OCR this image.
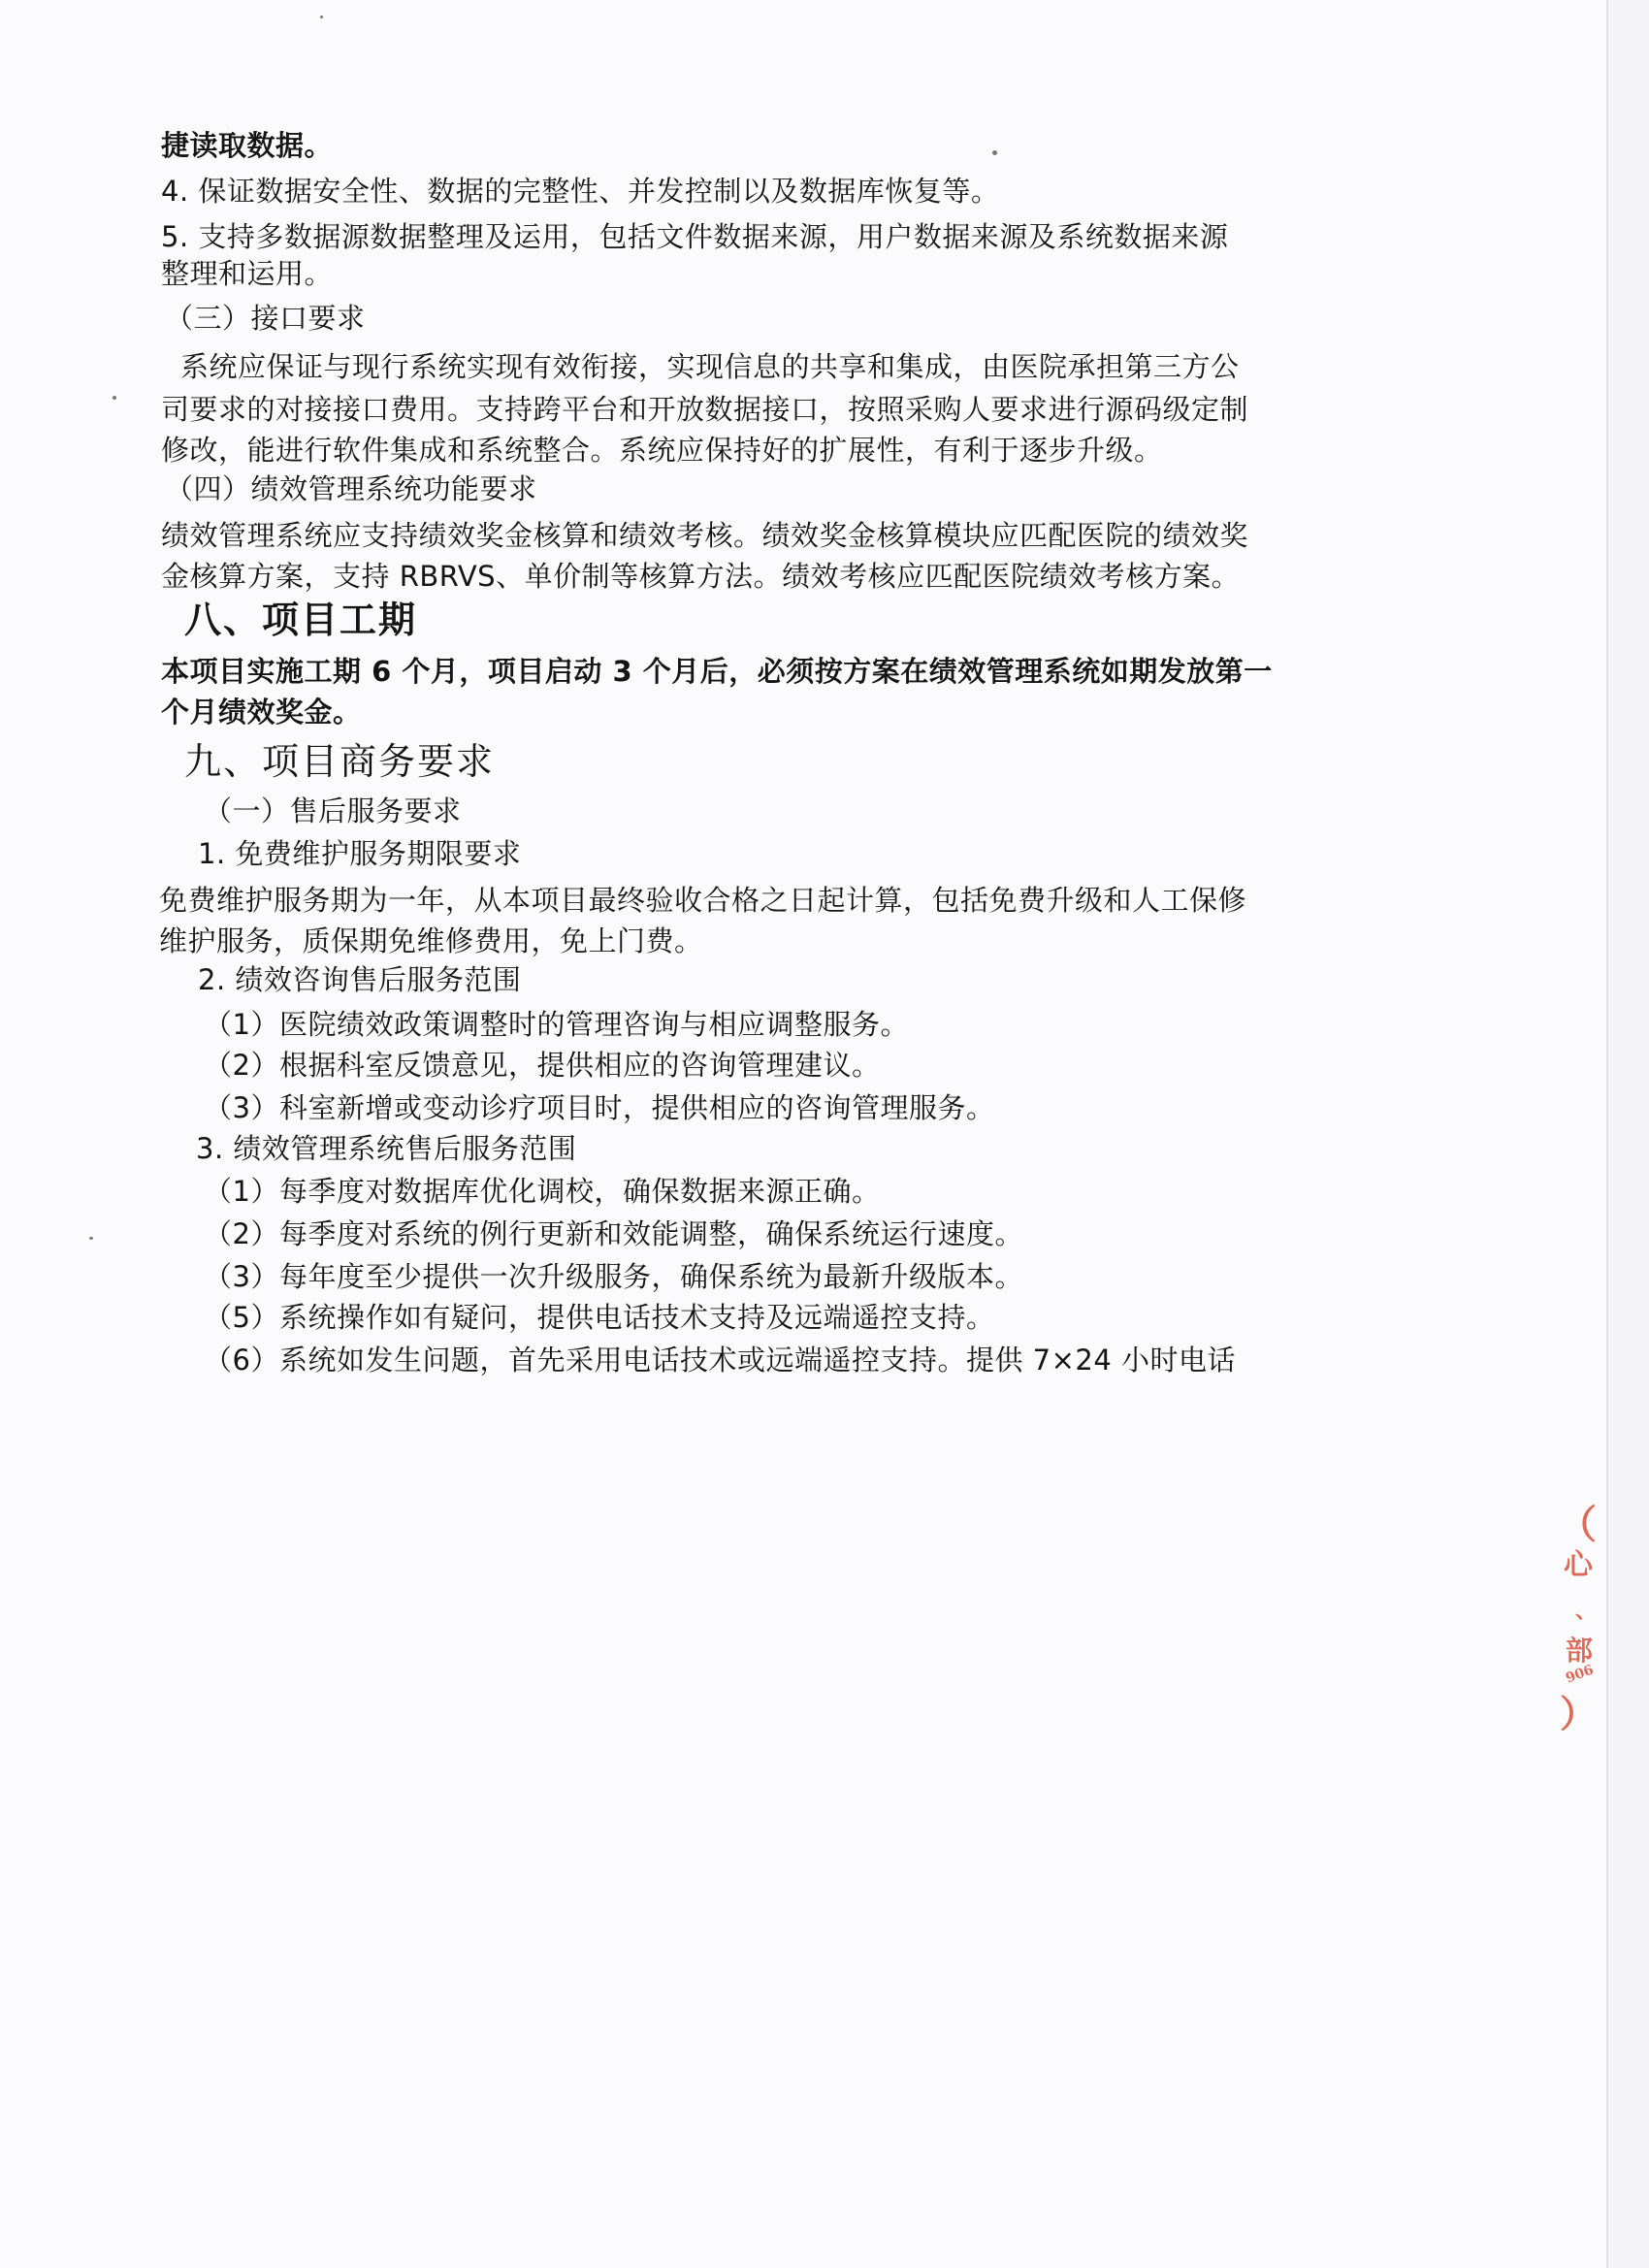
捷读取数据。
4. 保证数据安全性、数据的完整性、并发控制以及数据库恢复等。
5. 支持多数据源数据整理及运用，包括文件数据来源，用户数据来源及系统数据来源
整理和运用。
（三）接口要求
系统应保证与现行系统实现有效衔接，实现信息的共享和集成，由医院承担第三方公
司要求的对接接口费用。支持跨平台和开放数据接口，按照采购人要求进行源码级定制
修改，能进行软件集成和系统整合。系统应保持好的扩展性，有利于逐步升级。
（四）绩效管理系统功能要求
绩效管理系统应支持绩效奖金核算和绩效考核。绩效奖金核算模块应匹配医院的绩效奖
金核算方案，支持 RBRVS、单价制等核算方法。绩效考核应匹配医院绩效考核方案。
八、项目工期
本项目实施工期 6 个月，项目启动 3 个月后，必须按方案在绩效管理系统如期发放第一
个月绩效奖金。
九、项目商务要求
（一）售后服务要求
1. 免费维护服务期限要求
免费维护服务期为一年，从本项目最终验收合格之日起计算，包括免费升级和人工保修
维护服务，质保期免维修费用，免上门费。
2. 绩效咨询售后服务范围
（1）医院绩效政策调整时的管理咨询与相应调整服务。
（2）根据科室反馈意见，提供相应的咨询管理建议。
（3）科室新增或变动诊疗项目时，提供相应的咨询管理服务。
3. 绩效管理系统售后服务范围
（1）每季度对数据库优化调校，确保数据来源正确。
（2）每季度对系统的例行更新和效能调整，确保系统运行速度。
（3）每年度至少提供一次升级服务，确保系统为最新升级版本。
（5）系统操作如有疑问，提供电话技术支持及远端遥控支持。
（6）系统如发生问题，首先采用电话技术或远端遥控支持。提供 7×24 小时电话
（
心
、
部
906
）
